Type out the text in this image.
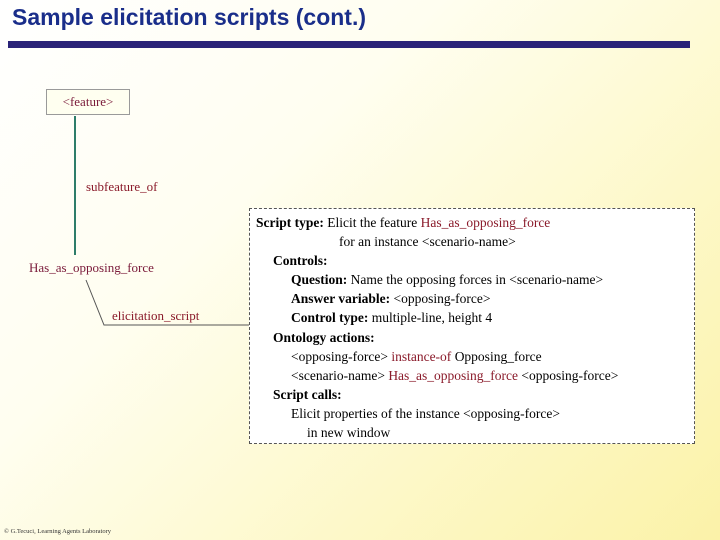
Sample elicitation scripts (cont.)
<feature>
subfeature_of
Has_as_opposing_force
elicitation_script
Script type: Elicit the feature Has_as_opposing_force
for an instance <scenario-name>
Controls:
Question: Name the opposing forces in <scenario-name>
Answer variable: <opposing-force>
Control type: multiple-line, height 4
Ontology actions:
<opposing-force> instance-of Opposing_force
<scenario-name> Has_as_opposing_force <opposing-force>
Script calls:
Elicit properties of the instance <opposing-force>
in new window
© G.Tecuci, Learning Agents Laboratory
